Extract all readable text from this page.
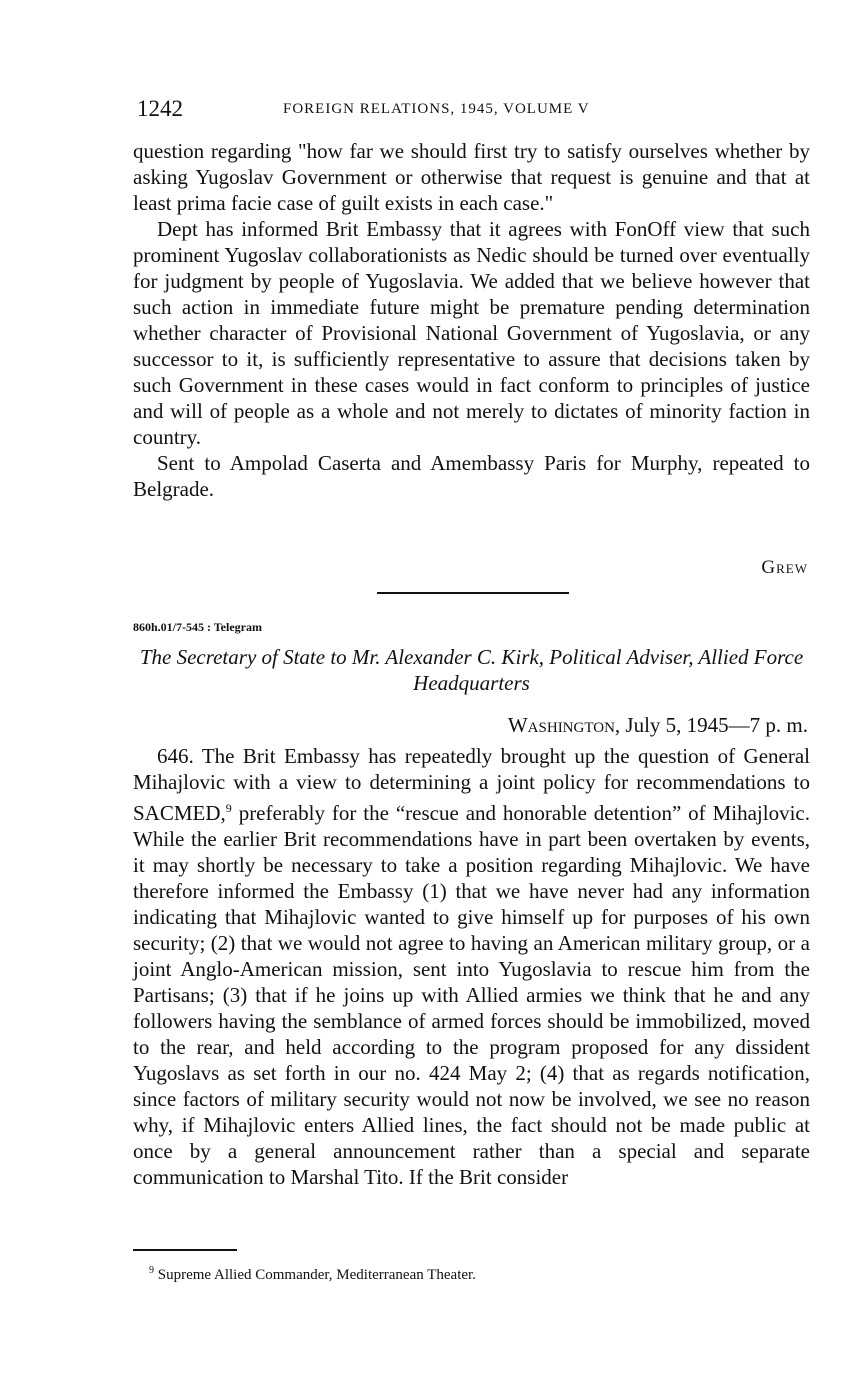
1242	FOREIGN RELATIONS, 1945, VOLUME V

question regarding "how far we should first try to satisfy ourselves whether by asking Yugoslav Government or otherwise that request is genuine and that at least prima facie case of guilt exists in each case."

Dept has informed Brit Embassy that it agrees with FonOff view that such prominent Yugoslav collaborationists as Nedic should be turned over eventually for judgment by people of Yugoslavia. We added that we believe however that such action in immediate future might be premature pending determination whether character of Provisional National Government of Yugoslavia, or any successor to it, is sufficiently representative to assure that decisions taken by such Government in these cases would in fact conform to principles of justice and will of people as a whole and not merely to dictates of minority faction in country.

Sent to Ampolad Caserta and Amembassy Paris for Murphy, repeated to Belgrade.

Grew
860h.01/7-545 : Telegram
The Secretary of State to Mr. Alexander C. Kirk, Political Adviser, Allied Force Headquarters
Washington, July 5, 1945—7 p. m.

646. The Brit Embassy has repeatedly brought up the question of General Mihajlovic with a view to determining a joint policy for recommendations to SACMED,$^9$ preferably for the “rescue and honorable detention” of Mihajlovic. While the earlier Brit recommendations have in part been overtaken by events, it may shortly be necessary to take a position regarding Mihajlovic. We have therefore informed the Embassy (1) that we have never had any information indicating that Mihajlovic wanted to give himself up for purposes of his own security; (2) that we would not agree to having an American military group, or a joint Anglo-American mission, sent into Yugoslavia to rescue him from the Partisans; (3) that if he joins up with Allied armies we think that he and any followers having the semblance of armed forces should be immobilized, moved to the rear, and held according to the program proposed for any dissident Yugoslavs as set forth in our no. 424 May 2; (4) that as regards notification, since factors of military security would not now be involved, we see no reason why, if Mihajlovic enters Allied lines, the fact should not be made public at once by a general announcement rather than a special and separate communication to Marshal Tito. If the Brit consider

$^9$ Supreme Allied Commander, Mediterranean Theater.
